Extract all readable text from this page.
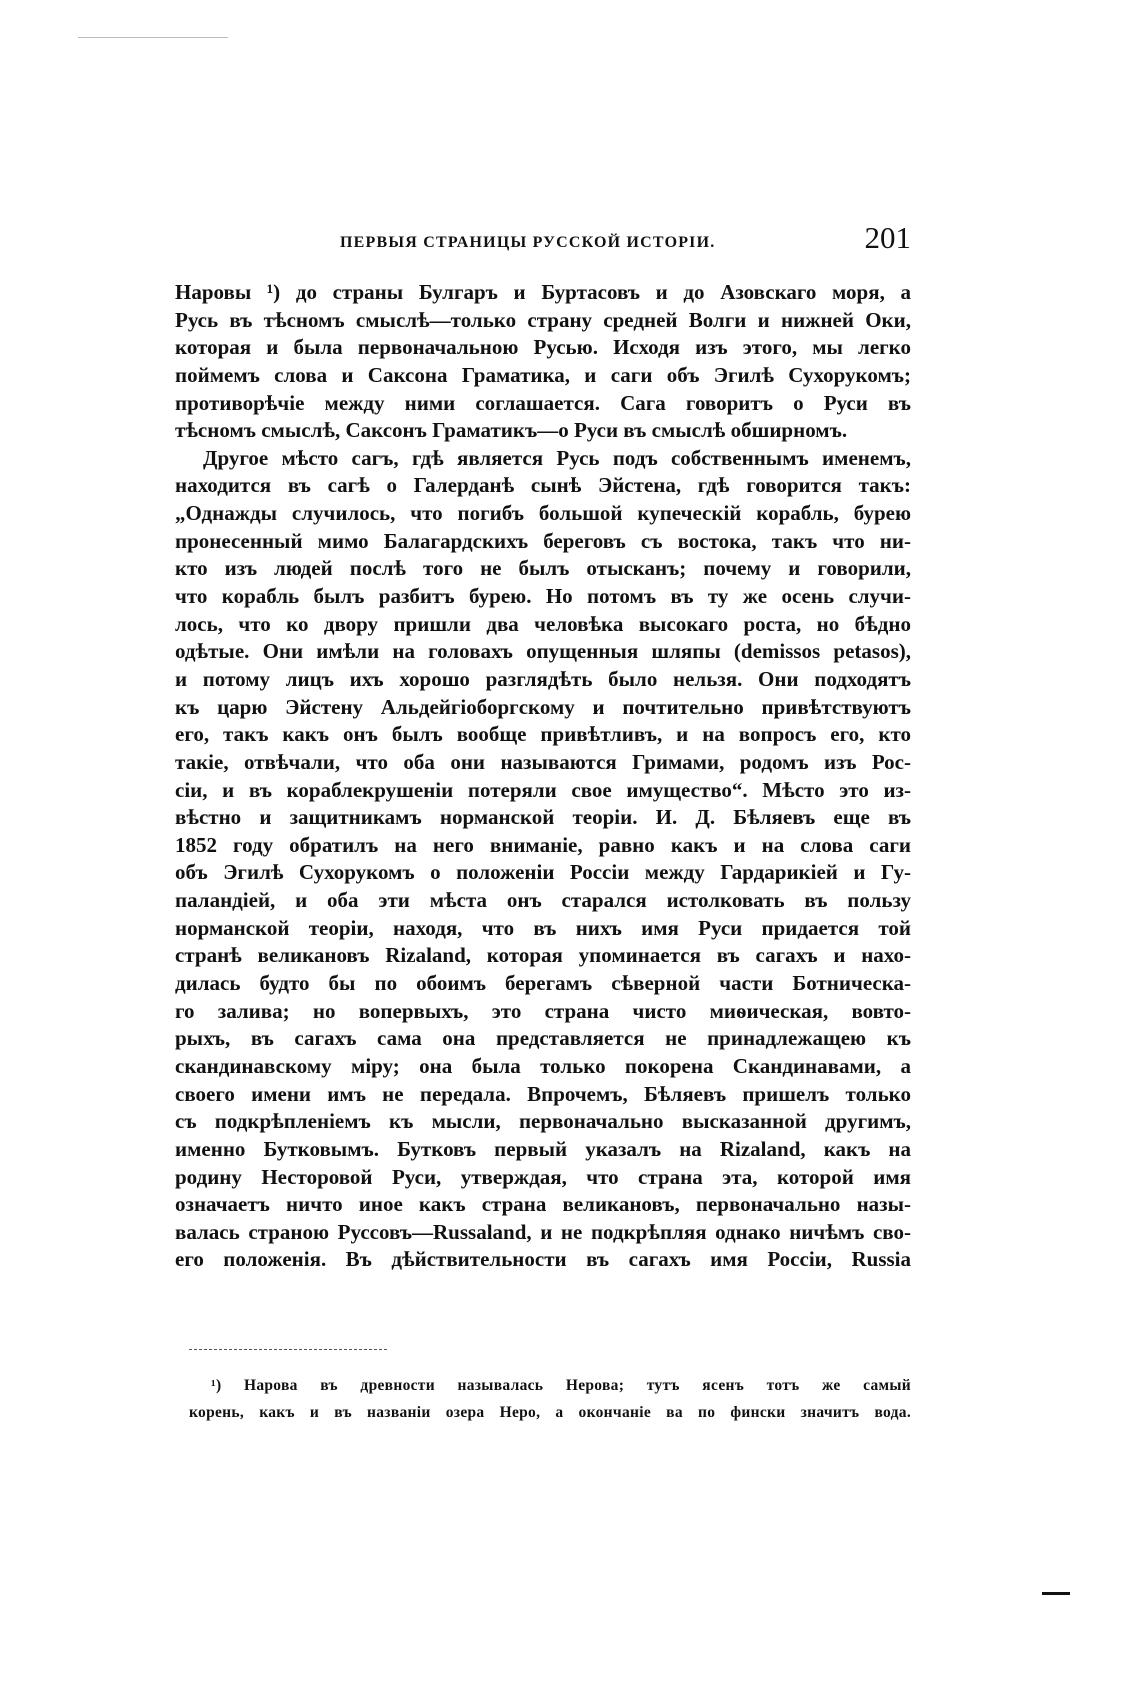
ПЕРВЫЯ СТРАНИЦЫ РУССКОЙ ИСТОРІИ.	201
Наровы ¹) до страны Булгаръ и Буртасовъ и до Азовскаго моря, а
Русь въ тѣсномъ смыслѣ—только страну средней Волги и нижней Оки,
которая и была первоначальною Русью. Исходя изъ этого, мы легко
поймемъ слова и Саксона Граматика, и саги объ Эгилѣ Сухорукомъ;
противорѣчіе между ними соглашается. Сага говоритъ о Руси въ
тѣсномъ смыслѣ, Саксонъ Граматикъ—о Руси въ смыслѣ обширномъ.
Другое мѣсто сагъ, гдѣ является Русь подъ собственнымъ именемъ,
находится въ сагѣ о Галерданѣ сынѣ Эйстена, гдѣ говорится такъ:
„Однажды случилось, что погибъ большой купеческій корабль, бурею
пронесенный мимо Балагардскихъ береговъ съ востока, такъ что ни-
кто изъ людей послѣ того не былъ отысканъ; почему и говорили,
что корабль былъ разбитъ бурею. Но потомъ въ ту же осень случи-
лось, что ко двору пришли два человѣка высокаго роста, но бѣдно
одѣтые. Они имѣли на головахъ опущенныя шляпы (demissos petasos),
и потому лицъ ихъ хорошо разглядѣть было нельзя. Они подходятъ
къ царю Эйстену Альдейгіоборгскому и почтительно привѣтствуютъ
его, такъ какъ онъ былъ вообще привѣтливъ, и на вопросъ его, кто
такіе, отвѣчали, что оба они называются Гримами, родомъ изъ Рос-
сіи, и въ кораблекрушеніи потеряли свое имущество“. Мѣсто это из-
вѣстно и защитникамъ норманской теоріи. И. Д. Бѣляевъ еще въ
1852 году обратилъ на него вниманіе, равно какъ и на слова саги
объ Эгилѣ Сухорукомъ о положеніи Россіи между Гардарикіей и Гу-
паландіей, и оба эти мѣста онъ старался истолковать въ пользу
норманской теоріи, находя, что въ нихъ имя Руси придается той
странѣ великановъ Rizaland, которая упоминается въ сагахъ и нахо-
дилась будто бы по обоимъ берегамъ сѣверной части Ботническа-
го залива; но вопервыхъ, это страна чисто миѳическая, вовто-
рыхъ, въ сагахъ сама она представляется не принадлежащею къ
скандинавскому міру; она была только покорена Скандинавами, а
своего имени имъ не передала. Впрочемъ, Бѣляевъ пришелъ только
съ подкрѣпленіемъ къ мысли, первоначально высказанной другимъ,
именно Бутковымъ. Бутковъ первый указалъ на Rizaland, какъ на
родину Несторовой Руси, утверждая, что страна эта, которой имя
означаетъ ничто иное какъ страна великановъ, первоначально назы-
валась страною Руссовъ—Russaland, и не подкрѣпляя однако ничѣмъ сво-
его положенія. Въ дѣйствительности въ сагахъ имя Россіи, Russia
¹) Нарова въ древности называлась Нерова; тутъ ясенъ тотъ же самый
корень, какъ и въ названіи озера Неро, а окончаніе ва по фински значитъ вода.
